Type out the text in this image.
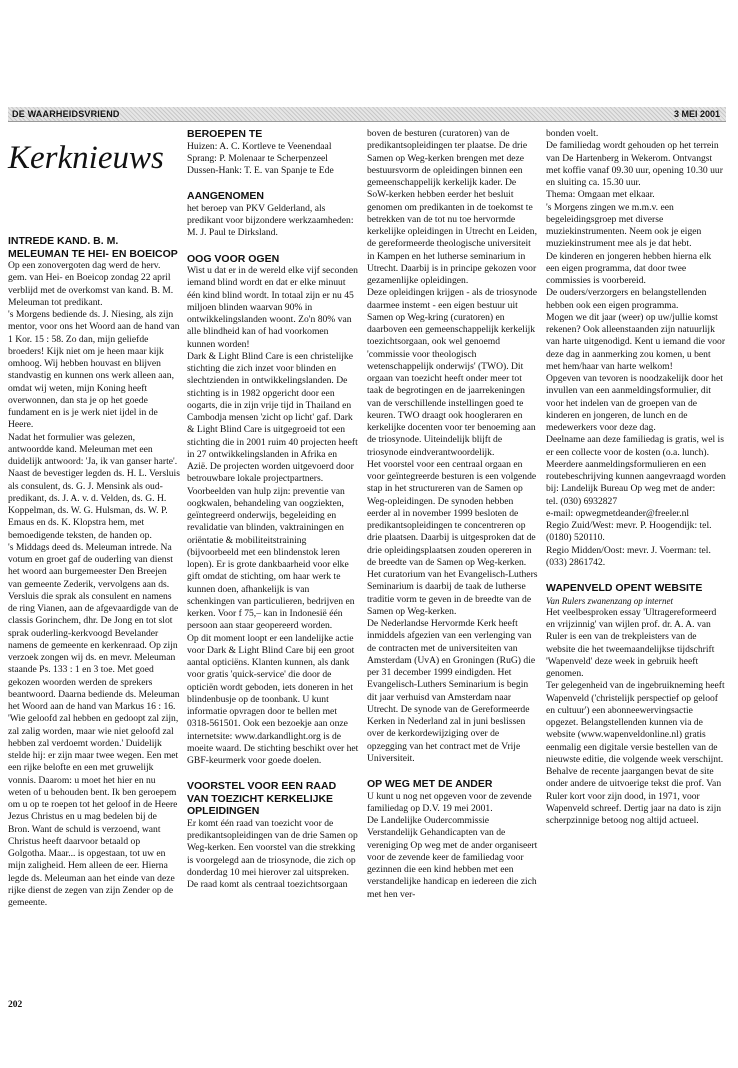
DE WAARHEIDSVRIEND	3 MEI 2001
Kerknieuws
INTREDE KAND. B. M. MELEUMAN TE HEI- EN BOEICOP

Op een zonovergoten dag werd de herv. gem. van Hei- en Boeicop zondag 22 april verblijd met de overkomst van kand. B. M. Meleuman tot predikant.

's Morgens bediende ds. J. Niesing, als zijn mentor, voor ons het Woord aan de hand van 1 Kor. 15 : 58. Zo dan, mijn geliefde broeders! Kijk niet om je heen maar kijk omhoog. Wij hebben houvast en blijven standvastig en kunnen ons werk alleen aan, omdat wij weten, mijn Koning heeft overwonnen, dan sta je op het goede fundament en is je werk niet ijdel in de Heere.

Nadat het formulier was gelezen, antwoordde kand. Meleuman met een duidelijk antwoord: 'Ja, ik van ganser harte'.

Naast de bevestiger legden ds. H. L. Versluis als consulent, ds. G. J. Mensink als oud-predikant, ds. J. A. v. d. Velden, ds. G. H. Koppelman, ds. W. G. Hulsman, ds. W. P. Emaus en ds. K. Klopstra hem, met bemoedigende teksten, de handen op.

's Middags deed ds. Meleuman intrede. Na votum en groet gaf de ouderling van dienst het woord aan burgemeester Den Breejen van gemeente Zederik, vervolgens aan ds. Versluis die sprak als consulent en namens de ring Vianen, aan de afgevaardigde van de classis Gorinchem, dhr. De Jong en tot slot sprak ouderling-kerkvoogd Bevelander namens de gemeente en kerkenraad. Op zijn verzoek zongen wij ds. en mevr. Meleuman staande Ps. 133 : 1 en 3 toe. Met goed gekozen woorden werden de sprekers beantwoord. Daarna bediende ds. Meleuman het Woord aan de hand van Markus 16 : 16. 'Wie geloofd zal hebben en gedoopt zal zijn, zal zalig worden, maar wie niet geloofd zal hebben zal verdoemt worden.' Duidelijk stelde hij: er zijn maar twee wegen. Een met een rijke belofte en een met gruwelijk vonnis. Daarom: u moet het hier en nu weten of u behouden bent. Ik ben geroepem om u op te roepen tot het geloof in de Heere Jezus Christus en u mag bedelen bij de Bron. Want de schuld is verzoend, want Christus heeft daarvoor betaald op Golgotha. Maar... is opgestaan, tot uw en mijn zaligheid. Hem alleen de eer. Hierna legde ds. Meleuman aan het einde van deze rijke dienst de zegen van zijn Zender op de gemeente.

BEROEPEN TE

Huizen: A. C. Kortleve te Veenendaal

Sprang: P. Molenaar te Scherpenzeel

Dussen-Hank: T. E. van Spanje te Ede

AANGENOMEN

het beroep van PKV Gelderland, als predikant voor bijzondere werkzaamheden:

M. J. Paul te Dirksland.

OOG VOOR OGEN

Wist u dat er in de wereld elke vijf seconden iemand blind wordt en dat er elke minuut één kind blind wordt. In totaal zijn er nu 45 miljoen blinden waarvan 90% in ontwikkelingslanden woont. Zo'n 80% van alle blindheid kan of had voorkomen kunnen worden!

Dark & Light Blind Care is een christelijke stichting die zich inzet voor blinden en slechtzienden in ontwikkelingslanden. De stichting is in 1982 opgericht door een oogarts, die in zijn vrije tijd in Thailand en Cambodja mensen 'zicht op licht' gaf. Dark & Light Blind Care is uitgegroeid tot een stichting die in 2001 ruim 40 projecten heeft in 27 ontwikkelingslanden in Afrika en Azië. De projecten worden uitgevoerd door betrouwbare lokale projectpartners. Voorbeelden van hulp zijn: preventie van oogkwalen, behandeling van oogziekten, geïntegreerd onderwijs, begeleiding en revalidatie van blinden, vaktrainingen en oriëntatie & mobiliteitstraining (bijvoorbeeld met een blindenstok leren lopen). Er is grote dankbaarheid voor elke gift omdat de stichting, om haar werk te kunnen doen, afhankelijk is van schenkingen van particulieren, bedrijven en kerken. Voor f 75,– kan in Indonesië één persoon aan staar geopereerd worden.

Op dit moment loopt er een landelijke actie voor Dark & Light Blind Care bij een groot aantal opticiëns. Klanten kunnen, als dank voor gratis 'quick-service' die door de opticiën wordt geboden, iets doneren in het blindenbusje op de toonbank. U kunt informatie opvragen door te bellen met 0318-561501. Ook een bezoekje aan onze internetsite: www.darkandlight.org is de moeite waard. De stichting beschikt over het GBF-keurmerk voor goede doelen.

VOORSTEL VOOR EEN RAAD VAN TOEZICHT KERKELIJKE OPLEIDINGEN

Er komt één raad van toezicht voor de predikantsopleidingen van de drie Samen op Weg-kerken. Een voorstel van die strekking is voorgelegd aan de triosynode, die zich op donderdag 10 mei hierover zal uitspreken. De raad komt als centraal toezichtsorgaan

boven de besturen (curatoren) van de predikantsopleidingen ter plaatse. De drie Samen op Weg-kerken brengen met deze bestuursvorm de opleidingen binnen een gemeenschappelijk kerkelijk kader. De SoW-kerken hebben eerder het besluit genomen om predikanten in de toekomst te betrekken van de tot nu toe hervormde kerkelijke opleidingen in Utrecht en Leiden, de gereformeerde theologische universiteit in Kampen en het lutherse seminarium in Utrecht. Daarbij is in principe gekozen voor gezamenlijke opleidingen.

Deze opleidingen krijgen - als de triosynode daarmee instemt - een eigen bestuur uit Samen op Weg-kring (curatoren) en daarboven een gemeenschappelijk kerkelijk toezichtsorgaan, ook wel genoemd 'commissie voor theologisch wetenschappelijk onderwijs' (TWO). Dit orgaan van toezicht heeft onder meer tot taak de begrotingen en de jaarrekeningen van de verschillende instellingen goed te keuren. TWO draagt ook hoogleraren en kerkelijke docenten voor ter benoeming aan de triosynode. Uiteindelijk blijft de triosynode eindverantwoordelijk.

Het voorstel voor een centraal orgaan en voor geïntegreerde besturen is een volgende stap in het structureren van de Samen op Weg-opleidingen. De synoden hebben eerder al in november 1999 besloten de predikantsopleidingen te concentreren op drie plaatsen. Daarbij is uitgesproken dat de drie opleidingsplaatsen zouden opereren in de breedte van de Samen op Weg-kerken. Het curatorium van het Evangelisch-Luthers Seminarium is daarbij de taak de lutherse traditie vorm te geven in de breedte van de Samen op Weg-kerken.

De Nederlandse Hervormde Kerk heeft inmiddels afgezien van een verlenging van de contracten met de universiteiten van Amsterdam (UvA) en Groningen (RuG) die per 31 december 1999 eindigden. Het Evangelisch-Luthers Seminarium is begin dit jaar verhuisd van Amsterdam naar Utrecht. De synode van de Gereformeerde Kerken in Nederland zal in juni beslissen over de kerkordewijziging over de opzegging van het contract met de Vrije Universiteit.

OP WEG MET DE ANDER

U kunt u nog net opgeven voor de zevende familiedag op D.V. 19 mei 2001.

De Landelijke Oudercommissie Verstandelijk Gehandicapten van de vereniging Op weg met de ander organiseert voor de zevende keer de familiedag voor gezinnen die een kind hebben met een verstandelijke handicap en iedereen die zich met hen ver-

bonden voelt.

De familiedag wordt gehouden op het terrein van De Hartenberg in Wekerom. Ontvangst met koffie vanaf 09.30 uur, opening 10.30 uur en sluiting ca. 15.30 uur.

Thema: Omgaan met elkaar.

's Morgens zingen we m.m.v. een begeleidingsgroep met diverse muziekinstrumenten. Neem ook je eigen muziekinstrument mee als je dat hebt.

De kinderen en jongeren hebben hierna elk een eigen programma, dat door twee commissies is voorbereid.

De ouders/verzorgers en belangstellenden hebben ook een eigen programma.

Mogen we dit jaar (weer) op uw/jullie komst rekenen? Ook alleenstaanden zijn natuurlijk van harte uitgenodigd. Kent u iemand die voor deze dag in aanmerking zou komen, u bent met hem/haar van harte welkom!

Opgeven van tevoren is noodzakelijk door het invullen van een aanmeldingsformulier, dit voor het indelen van de groepen van de kinderen en jongeren, de lunch en de medewerkers voor deze dag.

Deelname aan deze familiedag is gratis, wel is er een collecte voor de kosten (o.a. lunch).

Meerdere aanmeldingsformulieren en een routebeschrijving kunnen aangevraagd worden bij: Landelijk Bureau Op weg met de ander: tel. (030) 6932827

e-mail: opwegmetdeander@freeler.nl

Regio Zuid/West: mevr. P. Hoogendijk: tel. (0180) 520110.

Regio Midden/Oost: mevr. J. Voerman: tel. (033) 2861742.

WAPENVELD OPENT WEBSITE

Van Rulers zwanenzang op internet

Het veelbesproken essay 'Ultragereformeerd en vrijzinnig' van wijlen prof. dr. A. A. van Ruler is een van de trekpleisters van de website die het tweemaandelijkse tijdschrift 'Wapenveld' deze week in gebruik heeft genomen.

Ter gelegenheid van de ingebruikneming heeft Wapenveld ('christelijk perspectief op geloof en cultuur') een abonneewervingsactie opgezet. Belangstellenden kunnen via de website (www.wapenveldonline.nl) gratis eenmalig een digitale versie bestellen van de nieuwste editie, die volgende week verschijnt.

Behalve de recente jaargangen bevat de site onder andere de uitvoerige tekst die prof. Van Ruler kort voor zijn dood, in 1971, voor Wapenveld schreef. Dertig jaar na dato is zijn scherpzinnige betoog nog altijd actueel.

202
